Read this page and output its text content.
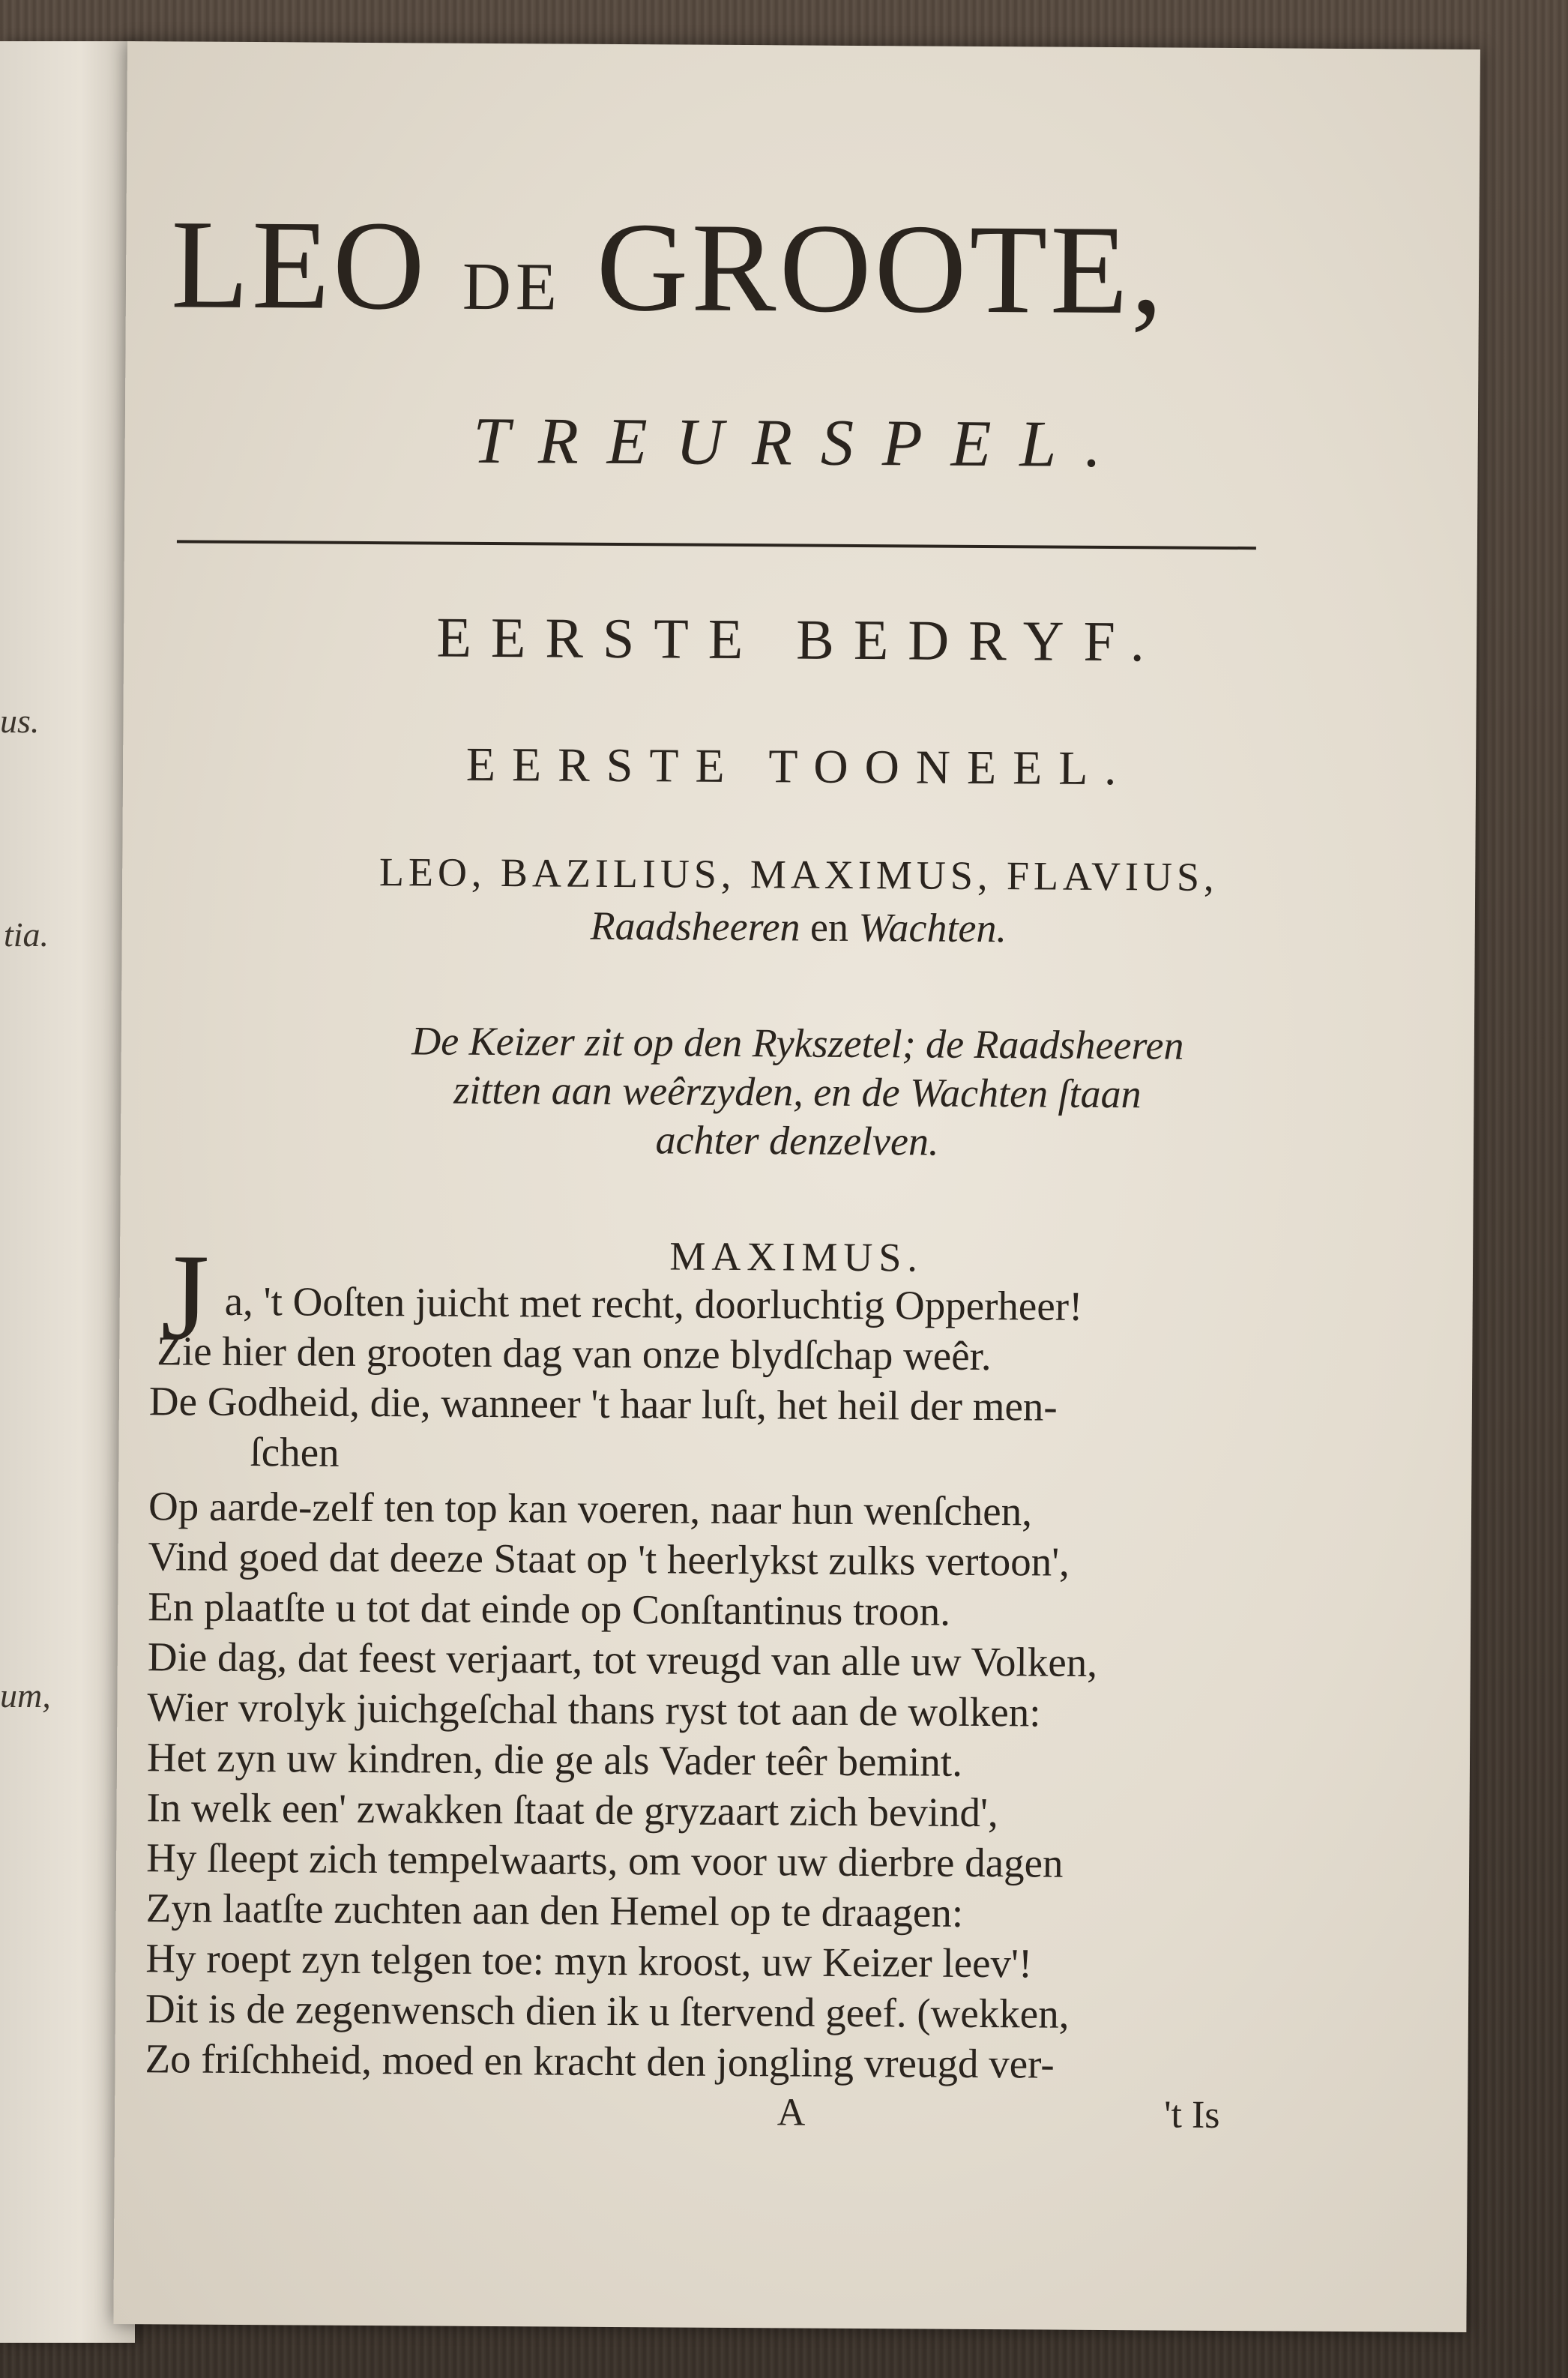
us.
tia.
um,
LEO DE GROOTE,
TREURSPEL.
EERSTE BEDRYF.
EERSTE TOONEEL.
LEO, BAZILIUS, MAXIMUS, FLAVIUS,
Raadsheeren en Wachten.
De Keizer zit op den Rykszetel; de Raadsheeren
zitten aan weêrzyden, en de Wachten ſtaan
achter denzelven.
MAXIMUS.
J a, 't Ooſten juicht met recht, doorluchtig Opperheer!
Zie hier den grooten dag van onze blydſchap weêr.
De Godheid, die, wanneer 't haar luſt, het heil der men-
ſchen
Op aarde-zelf ten top kan voeren, naar hun wenſchen,
Vind goed dat deeze Staat op 't heerlykst zulks vertoon',
En plaatſte u tot dat einde op Conſtantinus troon.
Die dag, dat feest verjaart, tot vreugd van alle uw Volken,
Wier vrolyk juichgeſchal thans ryst tot aan de wolken:
Het zyn uw kindren, die ge als Vader teêr bemint.
In welk een' zwakken ſtaat de gryzaart zich bevind',
Hy ſleept zich tempelwaarts, om voor uw dierbre dagen
Zyn laatſte zuchten aan den Hemel op te draagen:
Hy roept zyn telgen toe: myn kroost, uw Keizer leev'!
Dit is de zegenwensch dien ik u ſtervend geef. (wekken,
Zo friſchheid, moed en kracht den jongling vreugd ver-
A	't Is
